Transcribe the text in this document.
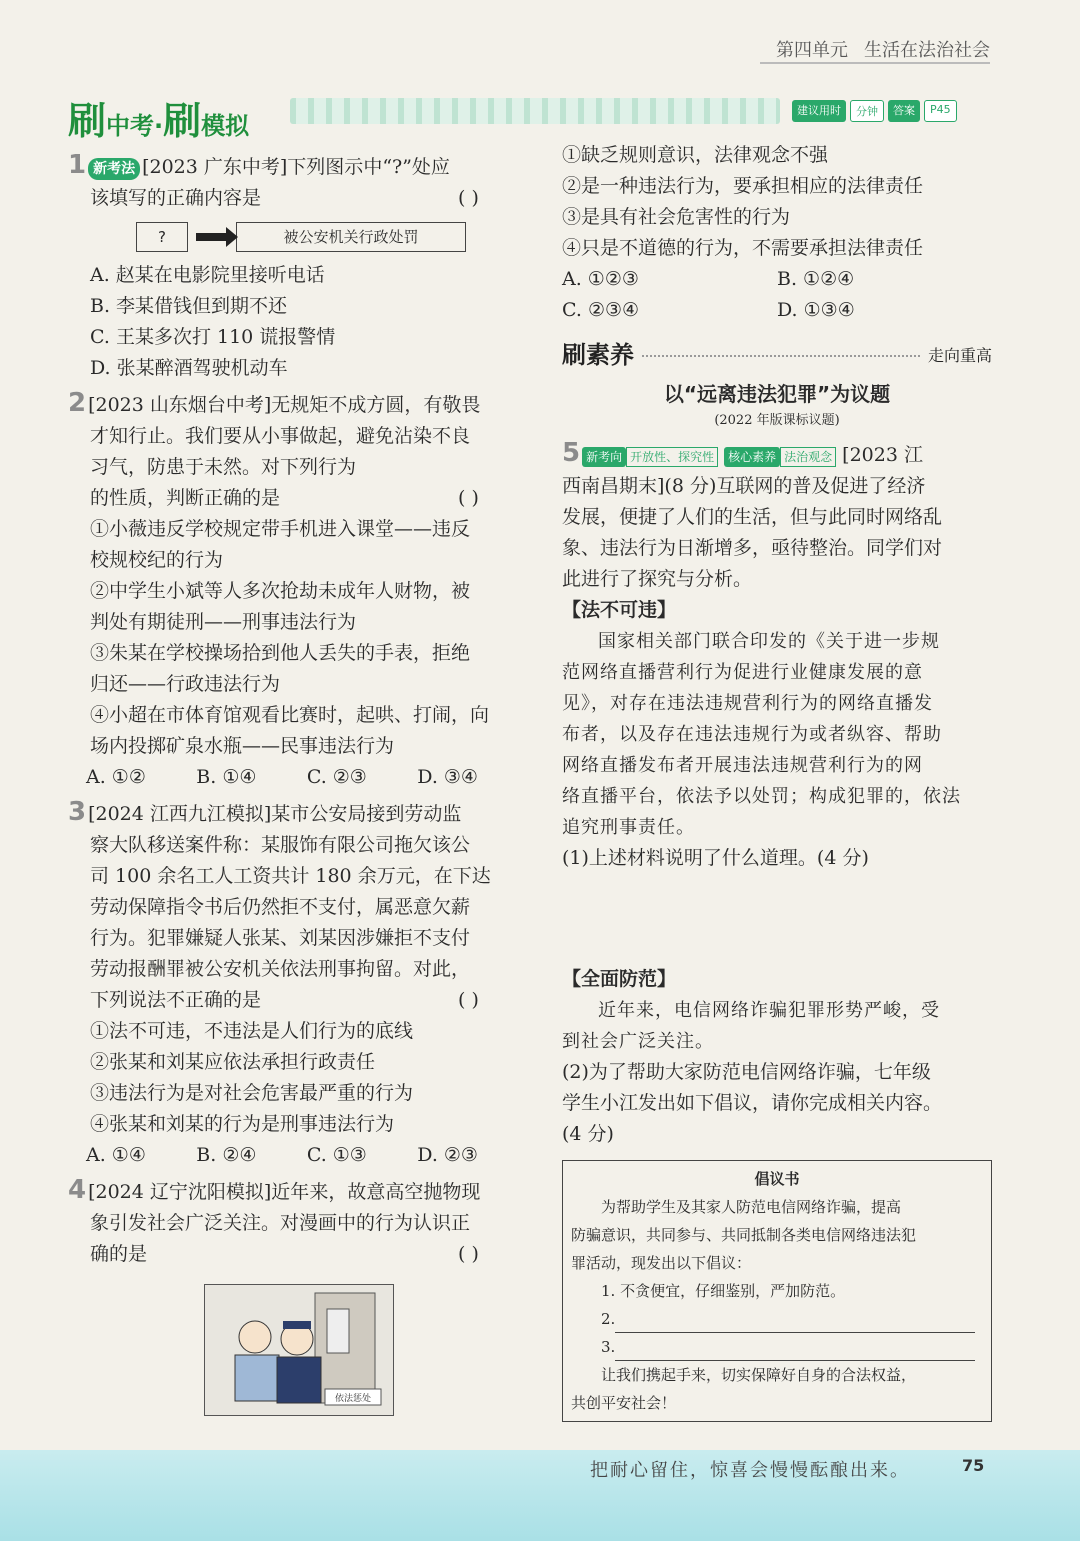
第四单元 生活在法治社会
刷 中考 · 刷 模拟
建议用时	分钟	答案	P45

1 新考法 [2023 广东中考]下列图示中“?”处应

该填写的正确内容是	( )

?	被公安机关行政处罚

A. 赵某在电影院里接听电话

B. 李某借钱但到期不还

C. 王某多次打 110 谎报警情

D. 张某醉酒驾驶机动车

2 [2023 山东烟台中考]无规矩不成方圆，有敬畏

才知行止。我们要从小事做起，避免沾染不良

习气，防患于未然。对下列行为

的性质，判断正确的是	( )

①小薇违反学校规定带手机进入课堂——违反

校规校纪的行为

②中学生小斌等人多次抢劫未成年人财物，被

判处有期徒刑——刑事违法行为

③朱某在学校操场拾到他人丢失的手表，拒绝

归还——行政违法行为

④小超在市体育馆观看比赛时，起哄、打闹，向

场内投掷矿泉水瓶——民事违法行为

A. ①②	B. ①④	C. ②③	D. ③④

3 [2024 江西九江模拟]某市公安局接到劳动监

察大队移送案件称：某服饰有限公司拖欠该公

司 100 余名工人工资共计 180 余万元，在下达

劳动保障指令书后仍然拒不支付，属恶意欠薪

行为。犯罪嫌疑人张某、刘某因涉嫌拒不支付

劳动报酬罪被公安机关依法刑事拘留。对此，

下列说法不正确的是	( )

①法不可违，不违法是人们行为的底线

②张某和刘某应依法承担行政责任

③违法行为是对社会危害最严重的行为

④张某和刘某的行为是刑事违法行为

A. ①④	B. ②④	C. ①③	D. ②③

4 [2024 辽宁沈阳模拟]近年来，故意高空抛物现

象引发社会广泛关注。对漫画中的行为认识正

确的是	( )

依法惩处

①缺乏规则意识，法律观念不强

②是一种违法行为，要承担相应的法律责任

③是具有社会危害性的行为

④只是不道德的行为，不需要承担法律责任

A. ①②③	B. ①②④
C. ②③④	D. ①③④
刷素养	走向重高
以“远离违法犯罪”为议题
(2022 年版课标议题)

5 新考向 开放性、探究性 核心素养 法治观念 [2023 江

西南昌期末](8 分)互联网的普及促进了经济

发展，便捷了人们的生活，但与此同时网络乱

象、违法行为日渐增多，亟待整治。同学们对

此进行了探究与分析。

【法不可违】

国家相关部门联合印发的《关于进一步规

范网络直播营利行为促进行业健康发展的意

见》，对存在违法违规营利行为的网络直播发

布者，以及存在违法违规行为或者纵容、帮助

网络直播发布者开展违法违规营利行为的网

络直播平台，依法予以处罚；构成犯罪的，依法

追究刑事责任。

(1)上述材料说明了什么道理。(4 分)

【全面防范】

近年来，电信网络诈骗犯罪形势严峻，受

到社会广泛关注。

(2)为了帮助大家防范电信网络诈骗，七年级

学生小江发出如下倡议，请你完成相关内容。

(4 分)

倡议书
为帮助学生及其家人防范电信网络诈骗，提高
防骗意识，共同参与、共同抵制各类电信网络违法犯
罪活动，现发出以下倡议：
1. 不贪便宜，仔细鉴别，严加防范。
2.
3.
让我们携起手来，切实保障好自身的合法权益，
共创平安社会！
把耐心留住，惊喜会慢慢酝酿出来。	75
